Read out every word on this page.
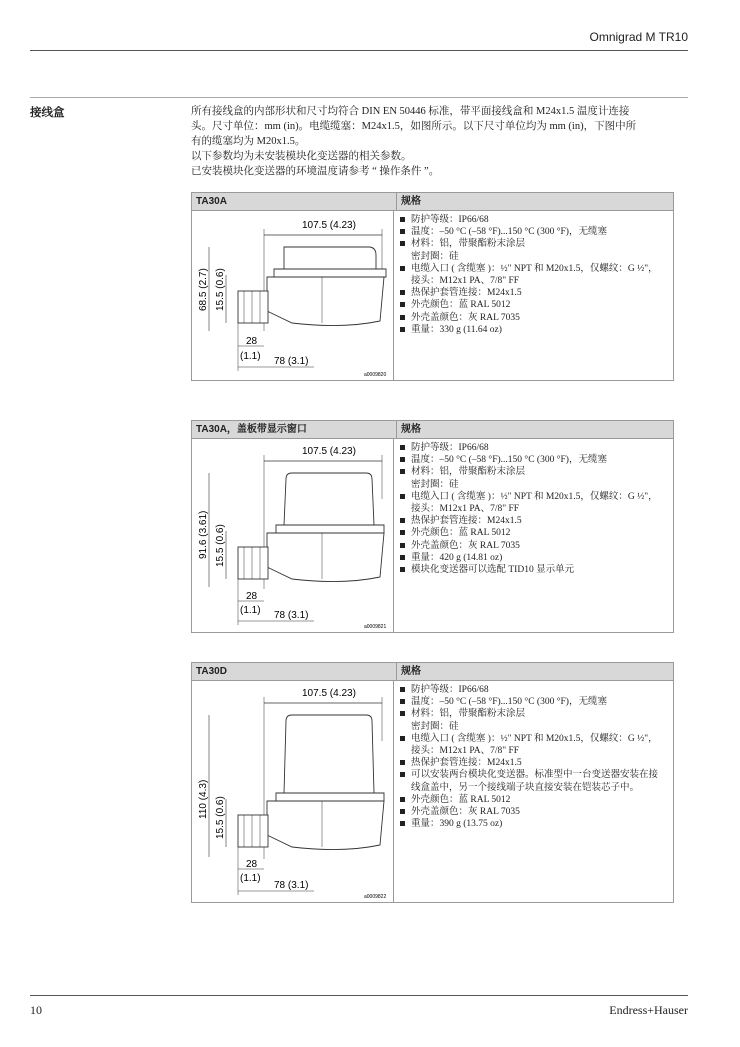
Omnigrad M TR10
接线盒	所有接线盒的内部形状和尺寸均符合 DIN EN 50446 标准，带平面接线盒和 M24x1.5 温度计连接

头。尺寸单位：mm (in)。电缆缆塞：M24x1.5，如图所示。以下尺寸单位均为 mm (in)，下图中所

有的缆塞均为 M20x1.5。

以下参数均为未安装模块化变送器的相关参数。

已安装模块化变送器的环境温度请参考 “ 操作条件 ”。

TA30A	规格
107.5 (4.23)
68.5 (2.7) 15.5 (0.6)
28
(1.1) 78 (3.1)
a0009820
防护等级：IP66/68
温度：–50 °C (–58 °F)...150 °C (300 °F)，无缆塞
材料：铝，带聚酯粉末涂层
密封圈：硅
电缆入口 ( 含缆塞 )：½" NPT 和 M20x1.5，仅螺纹：G ½"，
接头：M12x1 PA、7/8" FF
热保护套管连接：M24x1.5
外壳颜色：蓝 RAL 5012
外壳盖颜色：灰 RAL 7035
重量：330 g (11.64 oz)
TA30A，盖板带显示窗口	规格
107.5 (4.23)
91.6 (3.61) 15.5 (0.6)
28
(1.1) 78 (3.1)
a0009821
防护等级：IP66/68
温度：–50 °C (–58 °F)...150 °C (300 °F)，无缆塞
材料：铝，带聚酯粉末涂层
密封圈：硅
电缆入口 ( 含缆塞 )：½" NPT 和 M20x1.5，仅螺纹：G ½"，
接头：M12x1 PA、7/8" FF
热保护套管连接：M24x1.5
外壳颜色：蓝 RAL 5012
外壳盖颜色：灰 RAL 7035
重量：420 g (14.81 oz)
模块化变送器可以选配 TID10 显示单元
TA30D	规格
107.5 (4.23)
110 (4.3) 15.5 (0.6)
28
(1.1)
78 (3.1)
a0009822
防护等级：IP66/68
温度：–50 °C (–58 °F)...150 °C (300 °F)，无缆塞
材料：铝，带聚酯粉末涂层
密封圈：硅
电缆入口 ( 含缆塞 )：½" NPT 和 M20x1.5，仅螺纹：G ½"，
接头：M12x1 PA、7/8" FF
热保护套管连接：M24x1.5
可以安装两台模块化变送器。标准型中一台变送器安装在接
线盒盖中，另一个接线端子块直接安装在铠装芯子中。
外壳颜色：蓝 RAL 5012
外壳盖颜色：灰 RAL 7035
重量：390 g (13.75 oz)
10	Endress+Hauser
